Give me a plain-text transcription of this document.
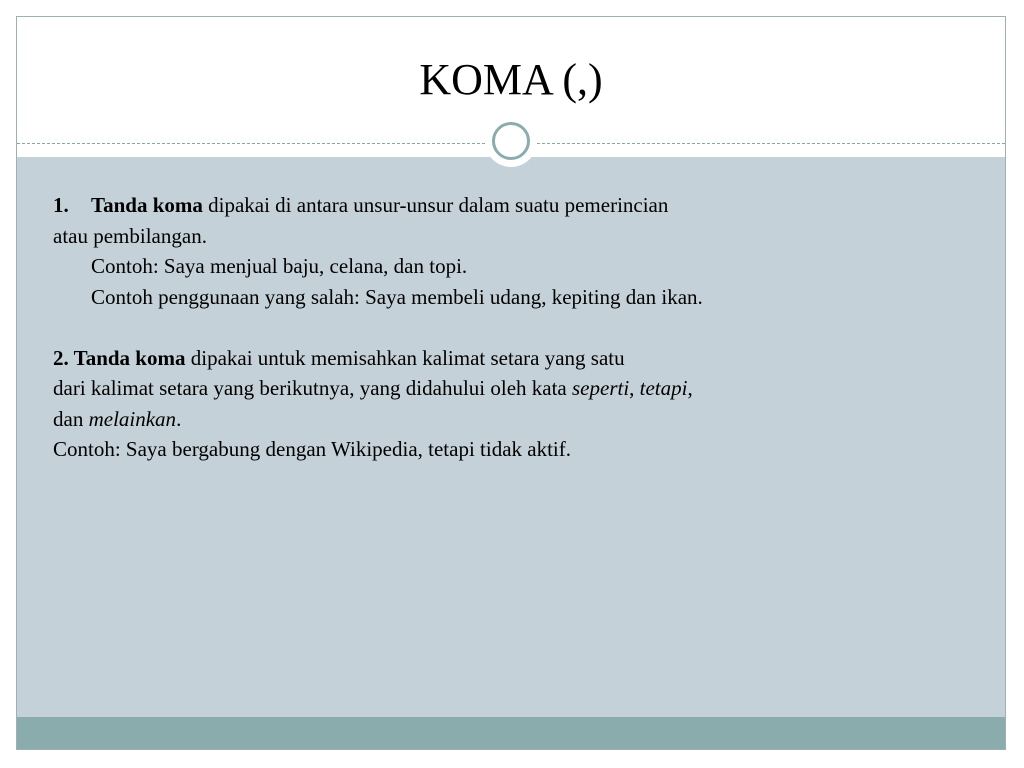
KOMA (,)
1. Tanda koma dipakai di antara unsur-unsur dalam suatu pemerincian
atau pembilangan.
Contoh: Saya menjual baju, celana, dan topi.
Contoh penggunaan yang salah: Saya membeli udang, kepiting dan ikan.
2. Tanda koma dipakai untuk memisahkan kalimat setara yang satu
dari kalimat setara yang berikutnya, yang didahului oleh kata seperti, tetapi,
dan melainkan.
Contoh: Saya bergabung dengan Wikipedia, tetapi tidak aktif.
